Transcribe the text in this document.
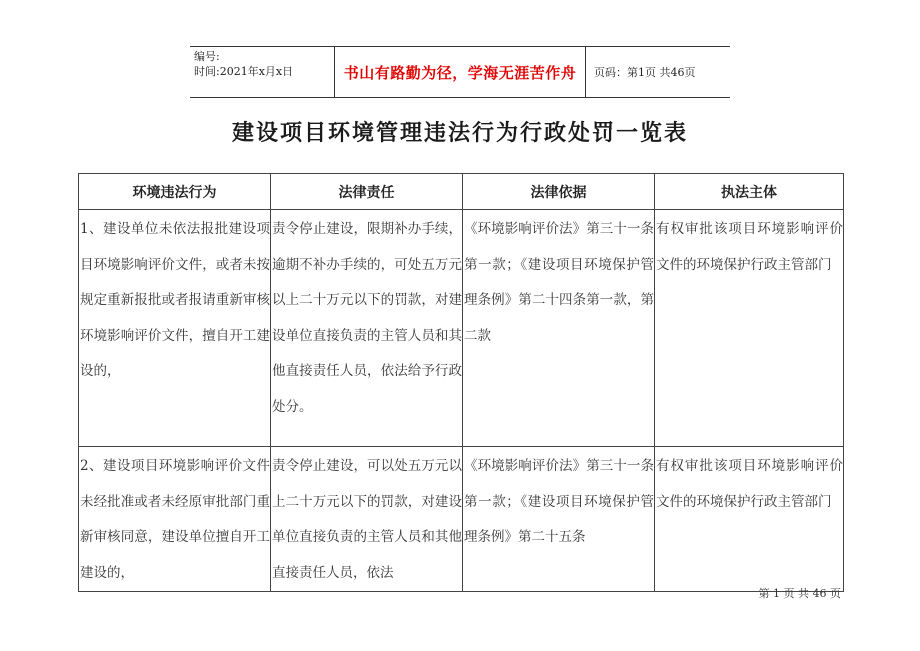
编号:
时间:2021年x月x日	书山有路勤为径，学海无涯苦作舟	页码：第1页 共46页
建设项目环境管理违法行为行政处罚一览表
环境违法行为	法律责任	法律依据	执法主体
1、建设单位未依法报批建设项目环境影响评价文件，或者未按规定重新报批或者报请重新审核环境影响评价文件，擅自开工建设的，	责令停止建设，限期补办手续，逾期不补办手续的，可处五万元以上二十万元以下的罚款，对建设单位直接负责的主管人员和其他直接责任人员，依法给予行政处分。	《环境影响评价法》第三十一条第一款；《建设项目环境保护管理条例》第二十四条第一款，第二款	有权审批该项目环境影响评价文件的环境保护行政主管部门
2、建设项目环境影响评价文件未经批准或者未经原审批部门重新审核同意，建设单位擅自开工建设的，	责令停止建设，可以处五万元以上二十万元以下的罚款，对建设单位直接负责的主管人员和其他直接责任人员，依法	《环境影响评价法》第三十一条第一款；《建设项目环境保护管理条例》第二十五条	有权审批该项目环境影响评价文件的环境保护行政主管部门
第 1 页 共 46 页
